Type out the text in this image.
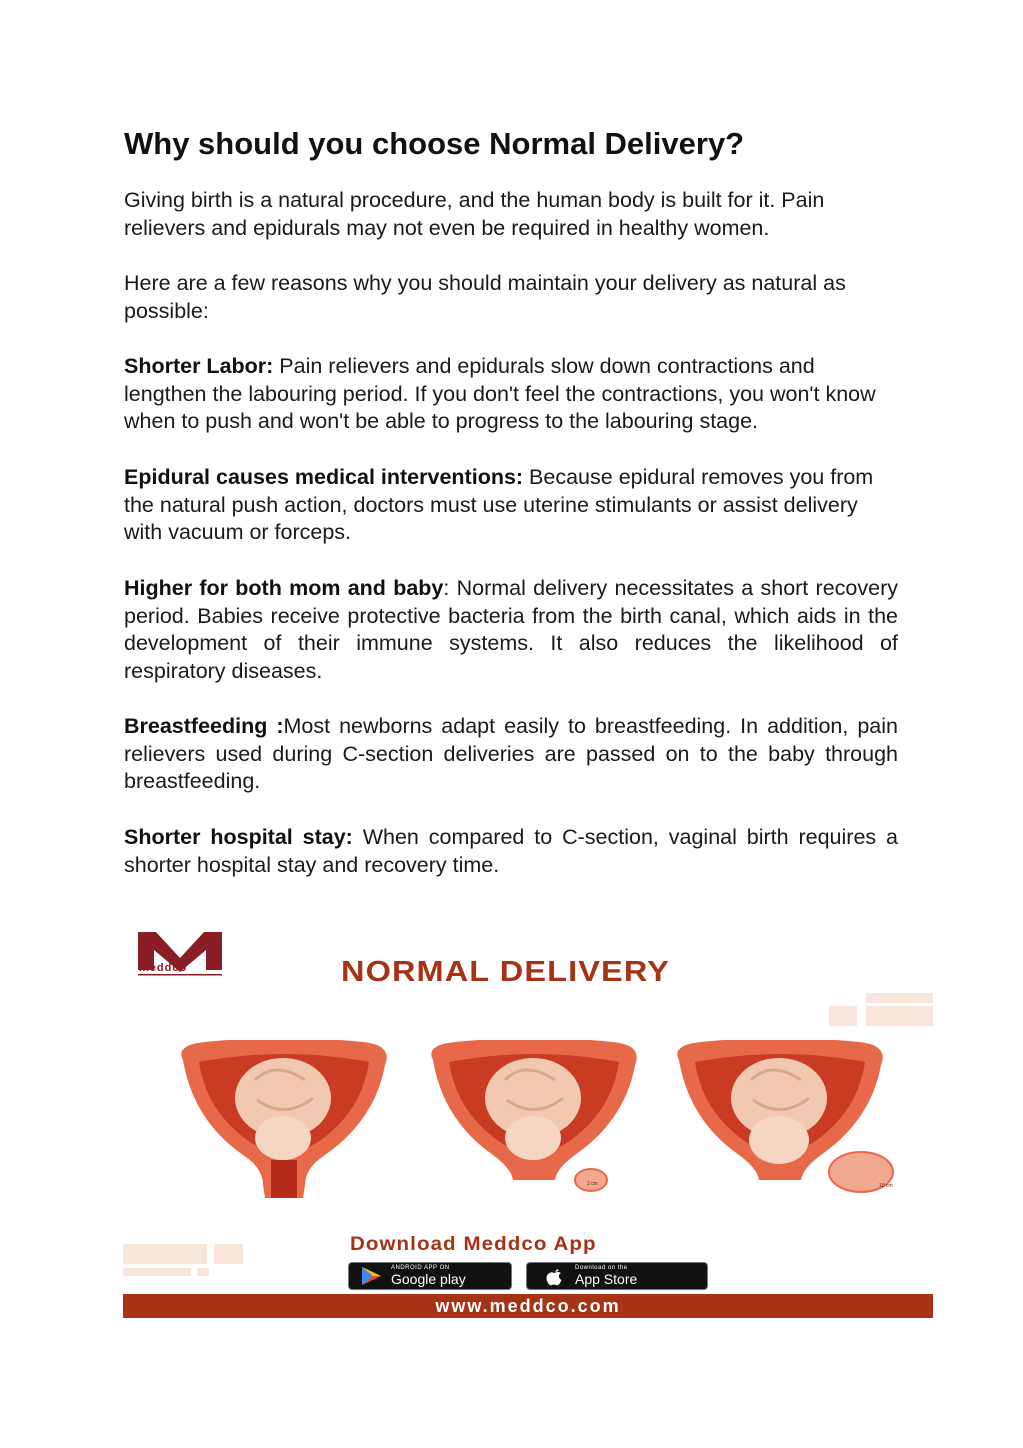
Why should you choose Normal Delivery?

Giving birth is a natural procedure, and the human body is built for it. Pain relievers and epidurals may not even be required in healthy women.

Here are a few reasons why you should maintain your delivery as natural as possible:

Shorter Labor: Pain relievers and epidurals slow down contractions and lengthen the labouring period. If you don't feel the contractions, you won't know when to push and won't be able to progress to the labouring stage.

Epidural causes medical interventions: Because epidural removes you from the natural push action, doctors must use uterine stimulants or assist delivery with vacuum or forceps.

Higher for both mom and baby: Normal delivery necessitates a short recovery period. Babies receive protective bacteria from the birth canal, which aids in the development of their immune systems. It also reduces the likelihood of respiratory diseases.

Breastfeeding :Most newborns adapt easily to breastfeeding. In addition, pain relievers used during C-section deliveries are passed on to the baby through breastfeeding.

Shorter hospital stay: When compared to C-section, vaginal birth requires a shorter hospital stay and recovery time.

meddco	NORMAL DELIVERY
2 cm	10 cm
Download Meddco App
ANDROID APP ON
Google play
Download on the
App Store
www.meddco.com
